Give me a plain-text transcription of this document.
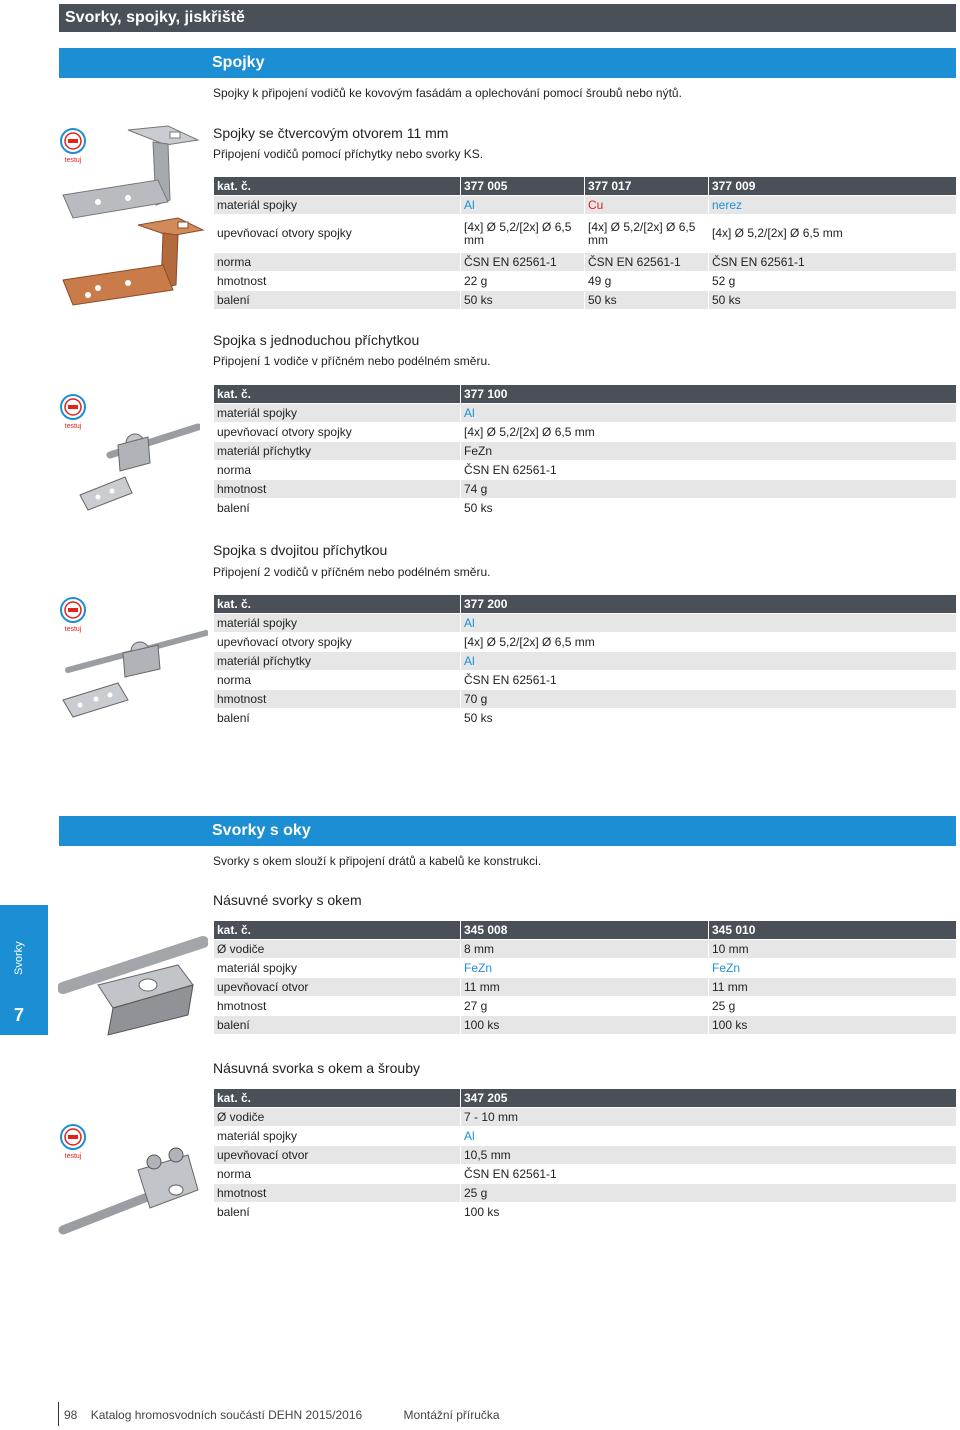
Svorky, spojky, jiskřiště
Spojky
Spojky k připojení vodičů ke kovovým fasádám a oplechování pomocí šroubů nebo nýtů.
Spojky se čtvercovým otvorem 11 mm
Připojení vodičů pomocí příchytky nebo svorky KS.
testuj
kat. č.	377 005	377 017	377 009
materiál spojky	Al	Cu	nerez
upevňovací otvory spojky	[4x] Ø 5,2/[2x] Ø 6,5 mm	[4x] Ø 5,2/[2x] Ø 6,5 mm	[4x] Ø 5,2/[2x] Ø 6,5 mm
norma	ČSN EN 62561-1	ČSN EN 62561-1	ČSN EN 62561-1
hmotnost	22 g	49 g	52 g
balení	50 ks	50 ks	50 ks
Spojka s jednoduchou příchytkou
Připojení 1 vodiče v příčném nebo podélném směru.
testuj
kat. č.	377 100
materiál spojky	Al
upevňovací otvory spojky	[4x] Ø 5,2/[2x] Ø 6,5 mm
materiál příchytky	FeZn
norma	ČSN EN 62561-1
hmotnost	74 g
balení	50 ks
Spojka s dvojitou příchytkou
Připojení 2 vodičů v příčném nebo podélném směru.
testuj
kat. č.	377 200
materiál spojky	Al
upevňovací otvory spojky	[4x] Ø 5,2/[2x] Ø 6,5 mm
materiál příchytky	Al
norma	ČSN EN 62561-1
hmotnost	70 g
balení	50 ks
Svorky s oky
Svorky s okem slouží k připojení drátů a kabelů ke konstrukci.
Násuvné svorky s okem
Svorky
7
kat. č.	345 008	345 010
Ø vodiče	8 mm	10 mm
materiál spojky	FeZn	FeZn
upevňovací otvor	11 mm	11 mm
hmotnost	27 g	25 g
balení	100 ks	100 ks
Násuvná svorka s okem a šrouby
testuj
kat. č.	347 205
Ø vodiče	7 - 10 mm
materiál spojky	Al
upevňovací otvor	10,5 mm
norma	ČSN EN 62561-1
hmotnost	25 g
balení	100 ks
98 Katalog hromosvodních součástí DEHN 2015/2016	Montážní příručka
